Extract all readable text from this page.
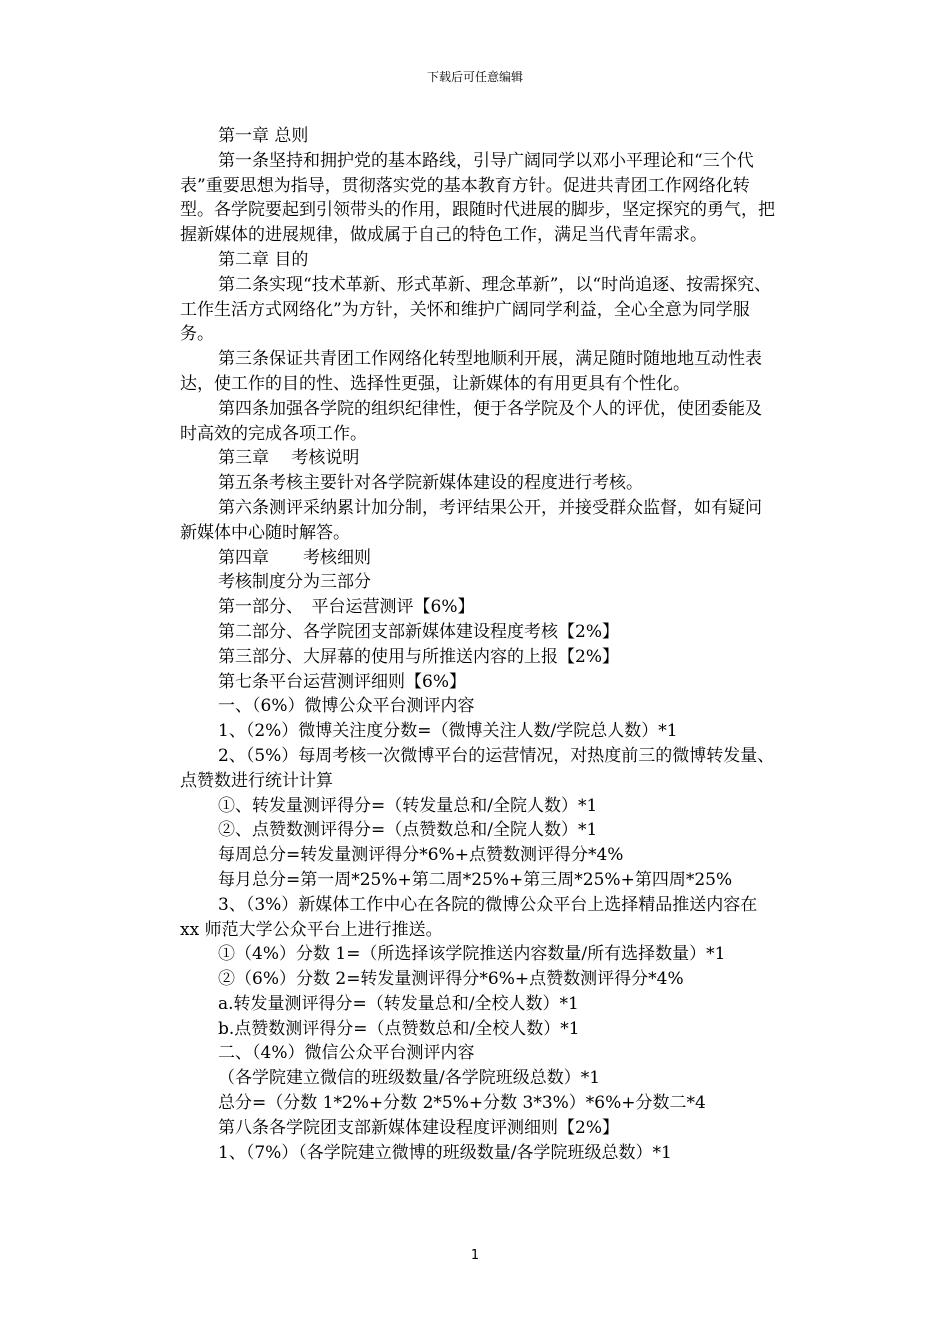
下载后可任意编辑

第一章 总则

第一条坚持和拥护党的基本路线，引导广阔同学以邓小平理论和“三个代表”重要思想为指导，贯彻落实党的基本教育方针。促进共青团工作网络化转型。各学院要起到引领带头的作用，跟随时代进展的脚步，坚定探究的勇气，把握新媒体的进展规律，做成属于自己的特色工作，满足当代青年需求。

第二章 目的

第二条实现“技术革新、形式革新、理念革新”，以“时尚追逐、按需探究、工作生活方式网络化”为方针，关怀和维护广阔同学利益，全心全意为同学服务。

第三条保证共青团工作网络化转型地顺利开展，满足随时随地地互动性表达，使工作的目的性、选择性更强，让新媒体的有用更具有个性化。

第四条加强各学院的组织纪律性，便于各学院及个人的评优，使团委能及时高效的完成各项工作。

第三章　 考核说明

第五条考核主要针对各学院新媒体建设的程度进行考核。

第六条测评采纳累计加分制，考评结果公开，并接受群众监督，如有疑问新媒体中心随时解答。

第四章　　考核细则

考核制度分为三部分

第一部分、　平台运营测评【6%】

第二部分、各学院团支部新媒体建设程度考核【2%】

第三部分、大屏幕的使用与所推送内容的上报【2%】

第七条平台运营测评细则【6%】

一、（6%）微博公众平台测评内容

1、（2%）微博关注度分数=（微博关注人数/学院总人数）*1

2、（5%）每周考核一次微博平台的运营情况，对热度前三的微博转发量、点赞数进行统计计算

①、转发量测评得分=（转发量总和/全院人数）*1

②、点赞数测评得分=（点赞数总和/全院人数）*1

每周总分=转发量测评得分*6%+点赞数测评得分*4%

每月总分=第一周*25%+第二周*25%+第三周*25%+第四周*25%

3、（3%）新媒体工作中心在各院的微博公众平台上选择精品推送内容在 xx 师范大学公众平台上进行推送。

①（4%）分数 1=（所选择该学院推送内容数量/所有选择数量）*1

②（6%）分数 2=转发量测评得分*6%+点赞数测评得分*4%

a.转发量测评得分=（转发量总和/全校人数）*1

b.点赞数测评得分=（点赞数总和/全校人数）*1

二、（4%）微信公众平台测评内容

（各学院建立微信的班级数量/各学院班级总数）*1

总分=（分数 1*2%+分数 2*5%+分数 3*3%）*6%+分数二*4

第八条各学院团支部新媒体建设程度评测细则【2%】

1、（7%）（各学院建立微博的班级数量/各学院班级总数）*1

1
